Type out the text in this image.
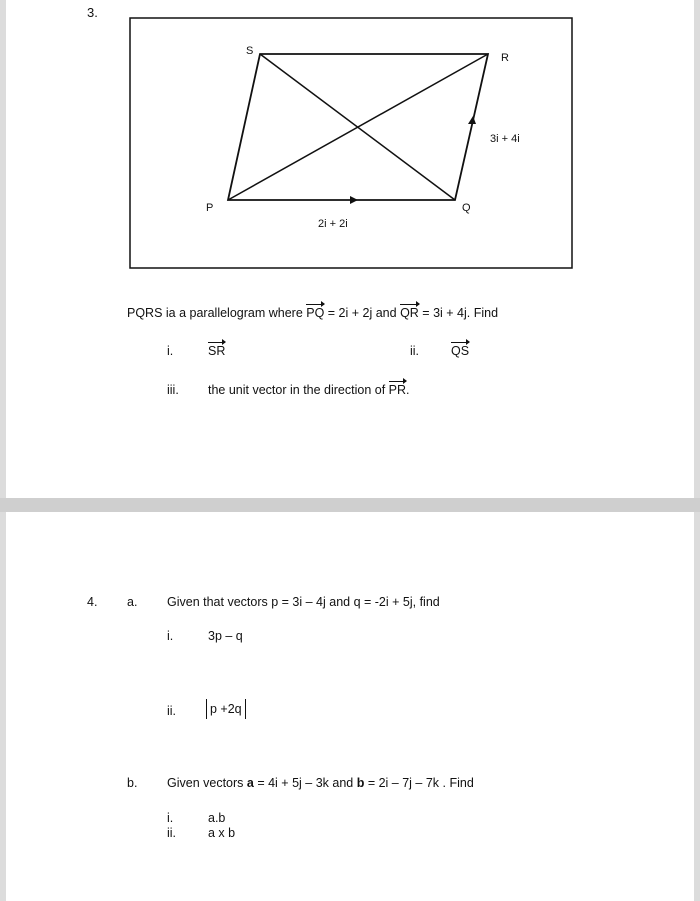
3.
S
R
P	Q
3i + 4i
2i + 2i
PQRS ia a parallelogram where PQ = 2i + 2j and QR = 3i + 4j. Find
i.	SR	ii.	QS
iii. the unit vector in the direction of PR.
4. a. Given that vectors p = 3i – 4j and q = -2i + 5j, find
i.	3p – q
ii.	p +2q
b. Given vectors a = 4i + 5j – 3k and b = 2i – 7j – 7k . Find
i.	a.b
ii.	a x b
